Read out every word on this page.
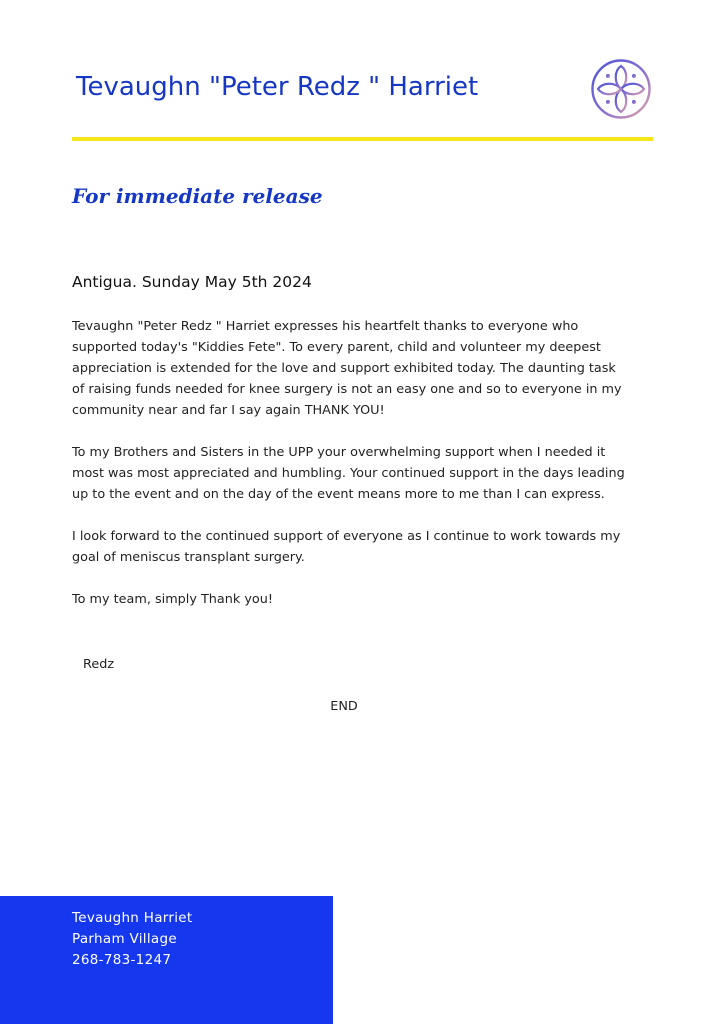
Tevaughn "Peter Redz " Harriet
For immediate release
Antigua. Sunday May 5th 2024

Tevaughn "Peter Redz " Harriet expresses his heartfelt thanks to everyone who supported today's "Kiddies Fete". To every parent, child and volunteer my deepest appreciation is extended for the love and support exhibited today. The daunting task of raising funds needed for knee surgery is not an easy one and so to everyone in my community near and far I say again THANK YOU!

To my Brothers and Sisters in the UPP your overwhelming support when I needed it most was most appreciated and humbling. Your continued support in the days leading up to the event and on the day of the event means more to me than I can express.

I look forward to the continued support of everyone as I continue to work towards my goal of meniscus transplant surgery.

To my team, simply Thank you!

Redz
END
Tevaughn Harriet
Parham Village
268-783-1247
